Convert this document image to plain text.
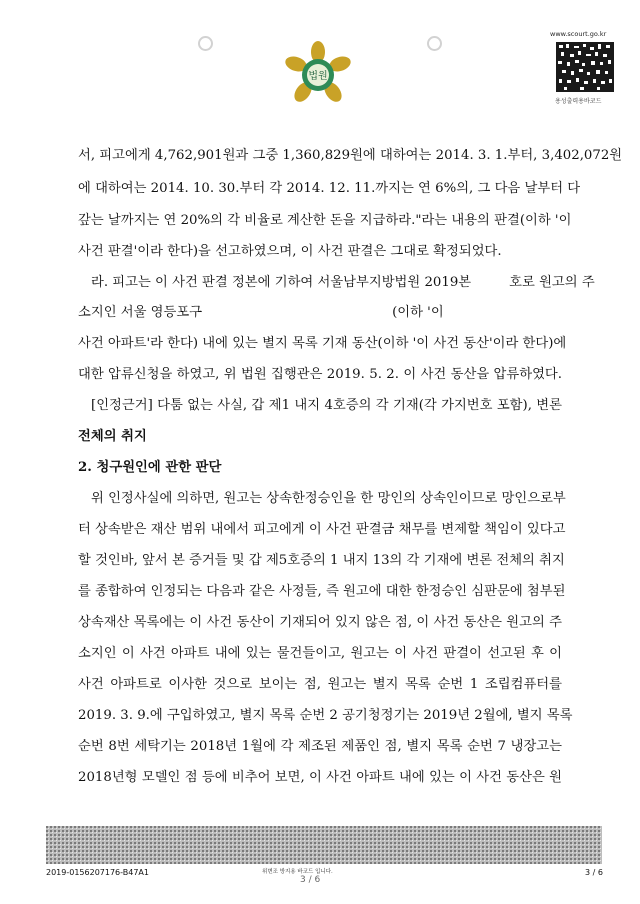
법원
www.scourt.go.kr
용성출력용바코드
서, 피고에게 4,762,901원과 그중 1,360,829원에 대하여는 2014. 3. 1.부터, 3,402,072원
에 대하여는 2014. 10. 30.부터 각 2014. 12. 11.까지는 연 6%의, 그 다음 날부터 다
갚는 날까지는 연 20%의 각 비율로 계산한 돈을 지급하라."라는 내용의 판결(이하 '이
사건 판결'이라 한다)을 선고하였으며, 이 사건 판결은 그대로 확정되었다.
라. 피고는 이 사건 판결 정본에 기하여 서울남부지방법원 2019본	호로 원고의 주
소지인 서울 영등포구	(이하 '이
사건 아파트'라 한다) 내에 있는 별지 목록 기재 동산(이하 '이 사건 동산'이라 한다)에
대한 압류신청을 하였고, 위 법원 집행관은 2019. 5. 2. 이 사건 동산을 압류하였다.
[인정근거] 다툼 없는 사실, 갑 제1 내지 4호증의 각 기재(각 가지번호 포함), 변론
전체의 취지
2. 청구원인에 관한 판단
위 인정사실에 의하면, 원고는 상속한정승인을 한 망인의 상속인이므로 망인으로부
터 상속받은 재산 범위 내에서 피고에게 이 사건 판결금 채무를 변제할 책임이 있다고
할 것인바, 앞서 본 증거들 및 갑 제5호증의 1 내지 13의 각 기재에 변론 전체의 취지
를 종합하여 인정되는 다음과 같은 사정들, 즉 원고에 대한 한정승인 심판문에 첨부된
상속재산 목록에는 이 사건 동산이 기재되어 있지 않은 점, 이 사건 동산은 원고의 주
소지인 이 사건 아파트 내에 있는 물건들이고, 원고는 이 사건 판결이 선고된 후 이
사건 아파트로 이사한 것으로 보이는 점, 원고는 별지 목록 순번 1 조립컴퓨터를
2019. 3. 9.에 구입하였고, 별지 목록 순번 2 공기청정기는 2019년 2월에, 별지 목록
순번 8번 세탁기는 2018년 1월에 각 제조된 제품인 점, 별지 목록 순번 7 냉장고는
2018년형 모델인 점 등에 비추어 보면, 이 사건 아파트 내에 있는 이 사건 동산은 원
2019-0156207176-B47A1	위변조 방지용 바코드 입니다.
3 / 6
3 / 6
